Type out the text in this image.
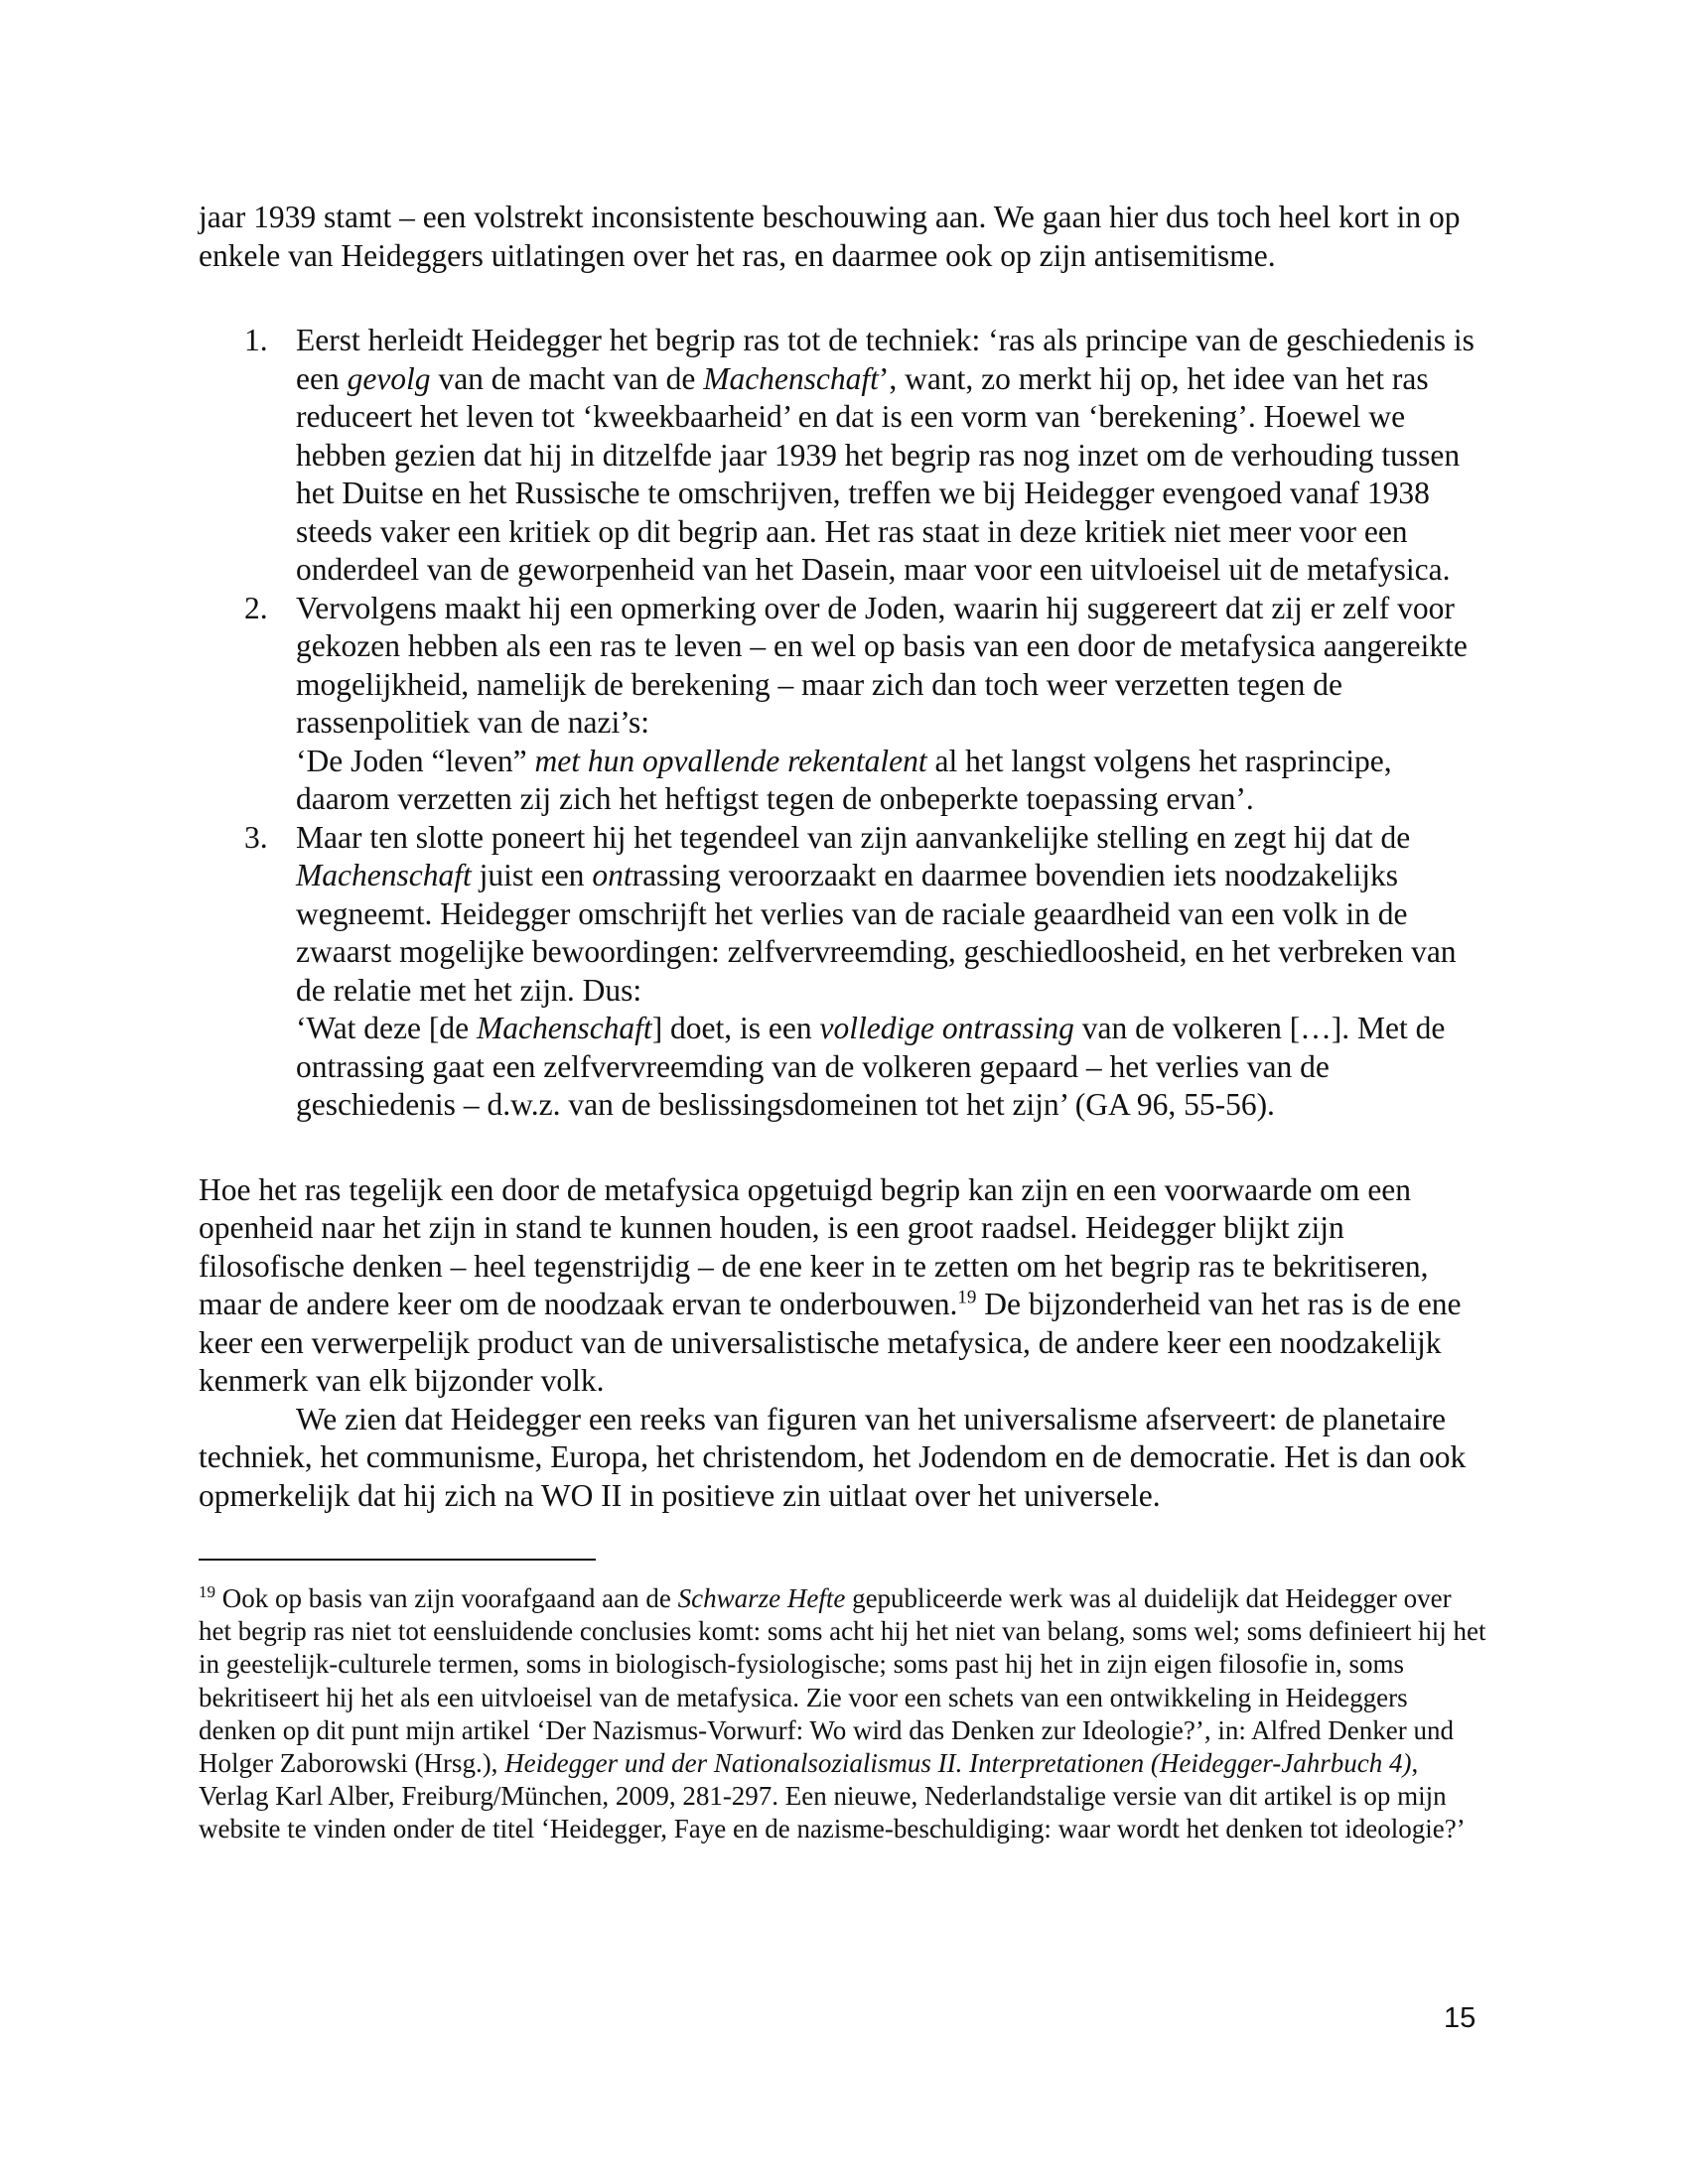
jaar 1939 stamt – een volstrekt inconsistente beschouwing aan. We gaan hier dus toch heel kort in op enkele van Heideggers uitlatingen over het ras, en daarmee ook op zijn antisemitisme.

1. Eerst herleidt Heidegger het begrip ras tot de techniek: ‘ras als principe van de geschiedenis is een gevolg van de macht van de Machenschaft’, want, zo merkt hij op, het idee van het ras reduceert het leven tot ‘kweekbaarheid’ en dat is een vorm van ‘berekening’. Hoewel we hebben gezien dat hij in ditzelfde jaar 1939 het begrip ras nog inzet om de verhouding tussen het Duitse en het Russische te omschrijven, treffen we bij Heidegger evengoed vanaf 1938 steeds vaker een kritiek op dit begrip aan. Het ras staat in deze kritiek niet meer voor een onderdeel van de geworpenheid van het Dasein, maar voor een uitvloeisel uit de metafysica.
2. Vervolgens maakt hij een opmerking over de Joden, waarin hij suggereert dat zij er zelf voor gekozen hebben als een ras te leven – en wel op basis van een door de metafysica aangereikte mogelijkheid, namelijk de berekening – maar zich dan toch weer verzetten tegen de rassenpolitiek van de nazi’s:
‘De Joden “leven” met hun opvallende rekentalent al het langst volgens het rasprincipe, daarom verzetten zij zich het heftigst tegen de onbeperkte toepassing ervan’.
3. Maar ten slotte poneert hij het tegendeel van zijn aanvankelijke stelling en zegt hij dat de Machenschaft juist een ontrassing veroorzaakt en daarmee bovendien iets noodzakelijks wegneemt. Heidegger omschrijft het verlies van de raciale geaardheid van een volk in de zwaarst mogelijke bewoordingen: zelfvervreemding, geschiedloosheid, en het verbreken van de relatie met het zijn. Dus:
‘Wat deze [de Machenschaft] doet, is een volledige ontrassing van de volkeren […]. Met de ontrassing gaat een zelfvervreemding van de volkeren gepaard – het verlies van de geschiedenis – d.w.z. van de beslissingsdomeinen tot het zijn’ (GA 96, 55-56).

Hoe het ras tegelijk een door de metafysica opgetuigd begrip kan zijn en een voorwaarde om een openheid naar het zijn in stand te kunnen houden, is een groot raadsel. Heidegger blijkt zijn filosofische denken – heel tegenstrijdig – de ene keer in te zetten om het begrip ras te bekritiseren, maar de andere keer om de noodzaak ervan te onderbouwen.$^{19}$ De bijzonderheid van het ras is de ene keer een verwerpelijk product van de universalistische metafysica, de andere keer een noodzakelijk kenmerk van elk bijzonder volk.

We zien dat Heidegger een reeks van figuren van het universalisme afserveert: de planetaire techniek, het communisme, Europa, het christendom, het Jodendom en de democratie. Het is dan ook opmerkelijk dat hij zich na WO II in positieve zin uitlaat over het universele.

$^{19}$ Ook op basis van zijn voorafgaand aan de Schwarze Hefte gepubliceerde werk was al duidelijk dat Heidegger over het begrip ras niet tot eensluidende conclusies komt: soms acht hij het niet van belang, soms wel; soms definieert hij het in geestelijk-culturele termen, soms in biologisch-fysiologische; soms past hij het in zijn eigen filosofie in, soms bekritiseert hij het als een uitvloeisel van de metafysica. Zie voor een schets van een ontwikkeling in Heideggers denken op dit punt mijn artikel ‘Der Nazismus-Vorwurf: Wo wird das Denken zur Ideologie?’, in: Alfred Denker und Holger Zaborowski (Hrsg.), Heidegger und der Nationalsozialismus II. Interpretationen (Heidegger-Jahrbuch 4), Verlag Karl Alber, Freiburg/München, 2009, 281-297. Een nieuwe, Nederlandstalige versie van dit artikel is op mijn website te vinden onder de titel ‘Heidegger, Faye en de nazisme-beschuldiging: waar wordt het denken tot ideologie?’

15
